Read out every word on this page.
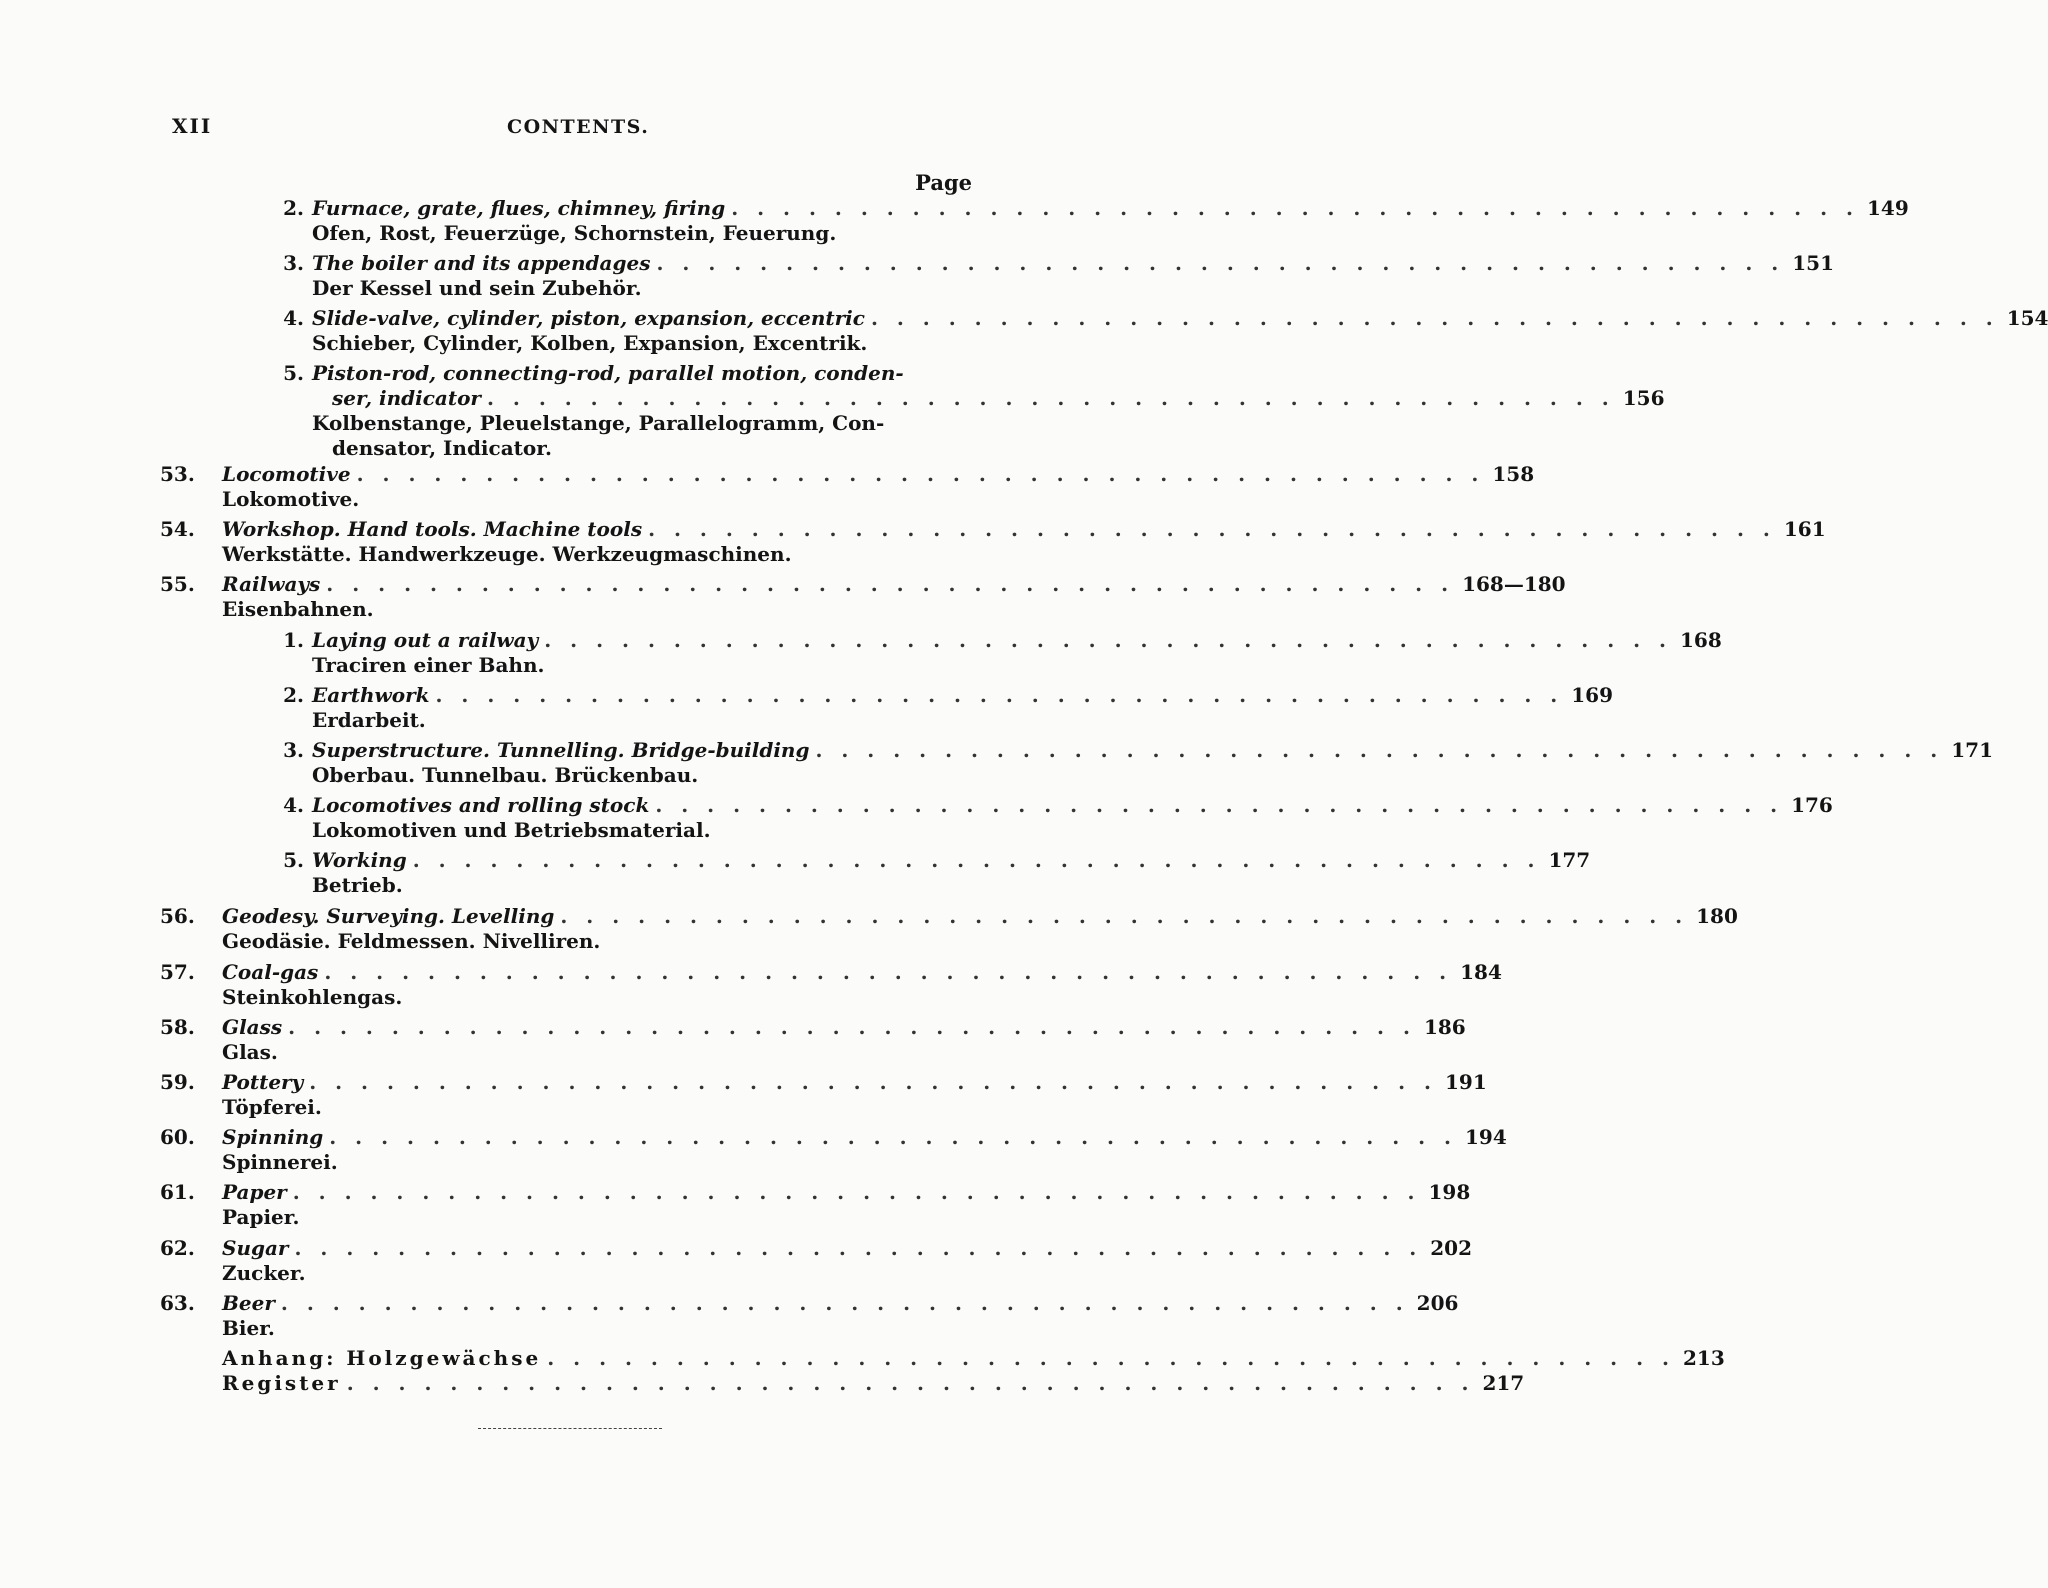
XII	CONTENTS.
Page
2. Furnace, grate, flues, chimney, firing . . . . . . . . . . . . . . . . . . . . . . . . . . . . . . . . . . . . . . . . . . . . 149
Ofen, Rost, Feuerzüge, Schornstein, Feuerung.
3. The boiler and its appendages . . . . . . . . . . . . . . . . . . . . . . . . . . . . . . . . . . . . . . . . . . . . 151
Der Kessel und sein Zubehör.
4. Slide-valve, cylinder, piston, expansion, eccentric . . . . . . . . . . . . . . . . . . . . . . . . . . . . . . . . . . . . . . . . . . . . 154
Schieber, Cylinder, Kolben, Expansion, Excentrik.
5. Piston-rod, connecting-rod, parallel motion, conden-
ser, indicator . . . . . . . . . . . . . . . . . . . . . . . . . . . . . . . . . . . . . . . . . . . . 156
Kolbenstange, Pleuelstange, Parallelogramm, Con-
densator, Indicator.
53.	Locomotive . . . . . . . . . . . . . . . . . . . . . . . . . . . . . . . . . . . . . . . . . . . . 158
Lokomotive.
54.	Workshop. Hand tools. Machine tools . . . . . . . . . . . . . . . . . . . . . . . . . . . . . . . . . . . . . . . . . . . . 161
Werkstätte. Handwerkzeuge. Werkzeugmaschinen.
55.	Railways . . . . . . . . . . . . . . . . . . . . . . . . . . . . . . . . . . . . . . . . . . . . 168—180
Eisenbahnen.
1. Laying out a railway . . . . . . . . . . . . . . . . . . . . . . . . . . . . . . . . . . . . . . . . . . . . 168
Traciren einer Bahn.
2. Earthwork . . . . . . . . . . . . . . . . . . . . . . . . . . . . . . . . . . . . . . . . . . . . 169
Erdarbeit.
3. Superstructure. Tunnelling. Bridge-building . . . . . . . . . . . . . . . . . . . . . . . . . . . . . . . . . . . . . . . . . . . . 171
Oberbau. Tunnelbau. Brückenbau.
4. Locomotives and rolling stock . . . . . . . . . . . . . . . . . . . . . . . . . . . . . . . . . . . . . . . . . . . . 176
Lokomotiven und Betriebsmaterial.
5. Working . . . . . . . . . . . . . . . . . . . . . . . . . . . . . . . . . . . . . . . . . . . . 177
Betrieb.
56.	Geodesy. Surveying. Levelling . . . . . . . . . . . . . . . . . . . . . . . . . . . . . . . . . . . . . . . . . . . . 180
Geodäsie. Feldmessen. Nivelliren.
57.	Coal-gas . . . . . . . . . . . . . . . . . . . . . . . . . . . . . . . . . . . . . . . . . . . . 184
Steinkohlengas.
58.	Glass . . . . . . . . . . . . . . . . . . . . . . . . . . . . . . . . . . . . . . . . . . . . 186
Glas.
59.	Pottery . . . . . . . . . . . . . . . . . . . . . . . . . . . . . . . . . . . . . . . . . . . . 191
Töpferei.
60.	Spinning . . . . . . . . . . . . . . . . . . . . . . . . . . . . . . . . . . . . . . . . . . . . 194
Spinnerei.
61.	Paper . . . . . . . . . . . . . . . . . . . . . . . . . . . . . . . . . . . . . . . . . . . . 198
Papier.
62.	Sugar . . . . . . . . . . . . . . . . . . . . . . . . . . . . . . . . . . . . . . . . . . . . 202
Zucker.
63.	Beer . . . . . . . . . . . . . . . . . . . . . . . . . . . . . . . . . . . . . . . . . . . . 206
Bier.
Anhang: Holzgewächse . . . . . . . . . . . . . . . . . . . . . . . . . . . . . . . . . . . . . . . . . . . . 213
Register . . . . . . . . . . . . . . . . . . . . . . . . . . . . . . . . . . . . . . . . . . . . 217
